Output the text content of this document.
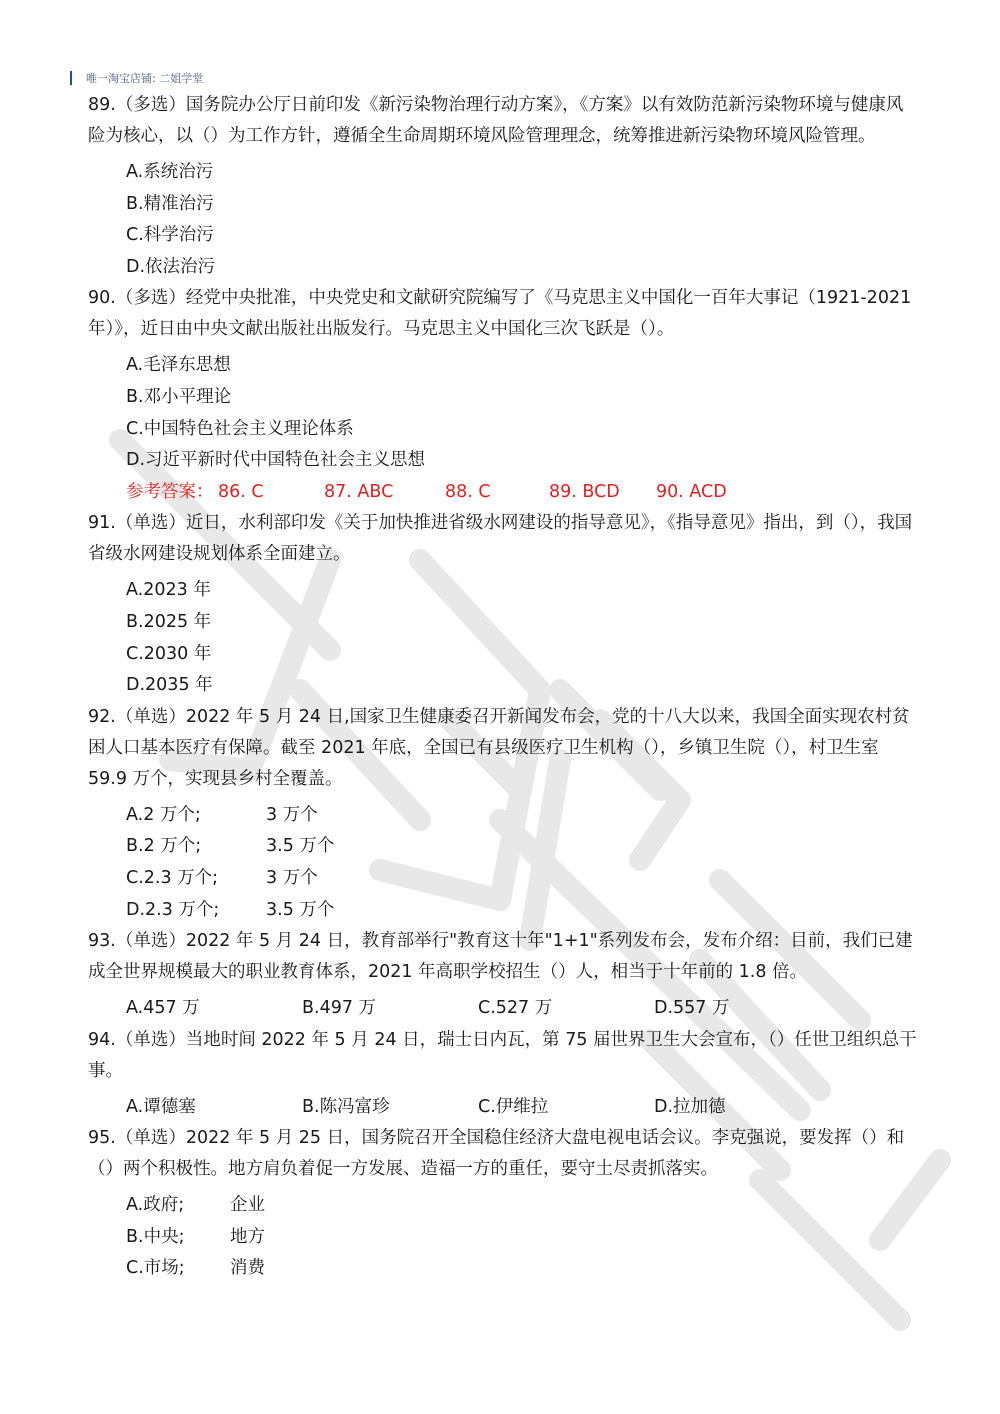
唯一淘宝店铺: 二姐学堂

89.（多选）国务院办公厅日前印发《新污染物治理行动方案》，《方案》以有效防范新污染物环境与健康风险为核心，以（）为工作方针，遵循全生命周期环境风险管理理念，统筹推进新污染物环境风险管理。

A.系统治污
B.精准治污
C.科学治污
D.依法治污

90.（多选）经党中央批准，中央党史和文献研究院编写了《马克思主义中国化一百年大事记（1921-2021年）》，近日由中央文献出版社出版发行。马克思主义中国化三次飞跃是（）。

A.毛泽东思想
B.邓小平理论
C.中国特色社会主义理论体系
D.习近平新时代中国特色社会主义思想
参考答案： 86. C	87. ABC	88. C	89. BCD	90. ACD

91.（单选）近日，水利部印发《关于加快推进省级水网建设的指导意见》，《指导意见》指出，到（），我国省级水网建设规划体系全面建立。

A.2023 年
B.2025 年
C.2030 年
D.2035 年

92.（单选）2022 年 5 月 24 日,国家卫生健康委召开新闻发布会，党的十八大以来，我国全面实现农村贫困人口基本医疗有保障。截至 2021 年底，全国已有县级医疗卫生机构（），乡镇卫生院（），村卫生室 59.9 万个，实现县乡村全覆盖。

A.2 万个;	3 万个
B.2 万个;	3.5 万个
C.2.3 万个;	3 万个
D.2.3 万个;	3.5 万个

93.（单选）2022 年 5 月 24 日，教育部举行"教育这十年"1+1"系列发布会，发布介绍：目前，我们已建成全世界规模最大的职业教育体系，2021 年高职学校招生（）人，相当于十年前的 1.8 倍。

A.457 万	B.497 万	C.527 万	D.557 万

94.（单选）当地时间 2022 年 5 月 24 日，瑞士日内瓦，第 75 届世界卫生大会宣布，（）任世卫组织总干事。

A.谭德塞	B.陈冯富珍	C.伊维拉	D.拉加德

95.（单选）2022 年 5 月 25 日，国务院召开全国稳住经济大盘电视电话会议。李克强说，要发挥（）和（）两个积极性。地方肩负着促一方发展、造福一方的重任，要守土尽责抓落实。

A.政府;	企业
B.中央;	地方
C.市场;	消费
